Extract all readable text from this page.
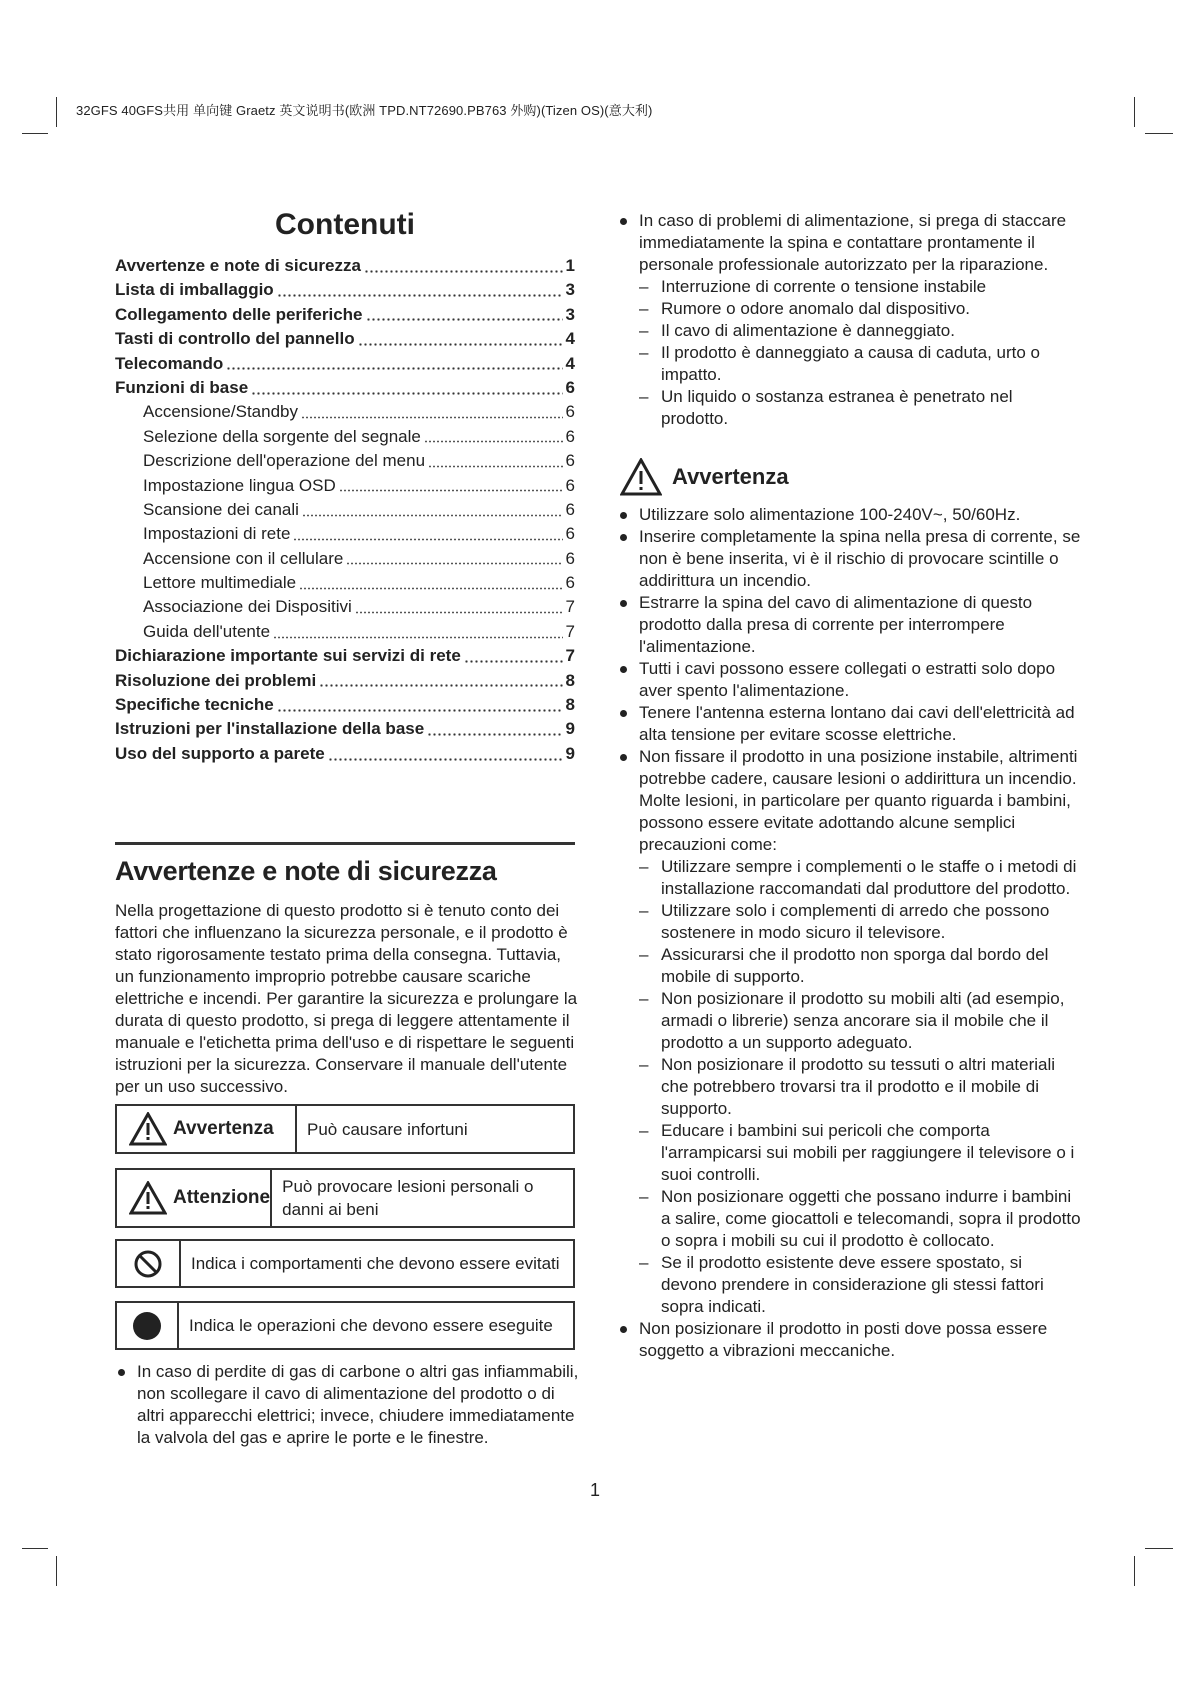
32GFS 40GFS共用 单向键 Graetz 英文说明书(欧洲 TPD.NT72690.PB763 外购)(Tizen OS)(意大利)
Contenuti
Avvertenze e note di sicurezza	1
Lista di imballaggio	3
Collegamento delle periferiche	3
Tasti di controllo del pannello	4
Telecomando	4
Funzioni di base	6
Accensione/Standby	6
Selezione della sorgente del segnale	6
Descrizione dell'operazione del menu	6
Impostazione lingua OSD	6
Scansione dei canali	6
Impostazioni di rete	6
Accensione con il cellulare	6
Lettore multimediale	6
Associazione dei Dispositivi	7
Guida dell'utente	7
Dichiarazione importante sui servizi di rete	7
Risoluzione dei problemi	8
Specifiche tecniche	8
Istruzioni per l'installazione della base	9
Uso del supporto a parete	9
Avvertenze e note di sicurezza
Nella progettazione di questo prodotto si è tenuto conto dei fattori che influenzano la sicurezza personale, e il prodotto è stato rigorosamente testato prima della consegna. Tuttavia, un funzionamento improprio potrebbe causare scariche elettriche e incendi. Per garantire la sicurezza e prolungare la durata di questo prodotto, si prega di leggere attentamente il manuale e l'etichetta prima dell'uso e di rispettare le seguenti istruzioni per la sicurezza. Conservare il manuale dell'utente per un uso successivo.
Avvertenza	Può causare infortuni
Attenzione
Può provocare lesioni personali o danni ai beni
Indica i comportamenti che devono essere evitati
Indica le operazioni che devono essere eseguite
In caso di perdite di gas di carbone o altri gas infiammabili, non scollegare il cavo di alimentazione del prodotto o di altri apparecchi elettrici; invece, chiudere immediatamente la valvola del gas e aprire le porte e le finestre.
In caso di problemi di alimentazione, si prega di staccare immediatamente la spina e contattare prontamente il personale professionale autorizzato per la riparazione.
– Interruzione di corrente o tensione instabile
– Rumore o odore anomalo dal dispositivo.
– Il cavo di alimentazione è danneggiato.
– Il prodotto è danneggiato a causa di caduta, urto o impatto.
– Un liquido o sostanza estranea è penetrato nel prodotto.
Avvertenza
Utilizzare solo alimentazione 100-240V~, 50/60Hz.
Inserire completamente la spina nella presa di corrente, se non è bene inserita, vi è il rischio di provocare scintille o addirittura un incendio.
Estrarre la spina del cavo di alimentazione di questo prodotto dalla presa di corrente per interrompere l'alimentazione.
Tutti i cavi possono essere collegati o estratti solo dopo aver spento l'alimentazione.
Tenere l'antenna esterna lontano dai cavi dell'elettricità ad alta tensione per evitare scosse elettriche.
Non fissare il prodotto in una posizione instabile, altrimenti potrebbe cadere, causare lesioni o addirittura un incendio. Molte lesioni, in particolare per quanto riguarda i bambini, possono essere evitate adottando alcune semplici precauzioni come:
– Utilizzare sempre i complementi o le staffe o i metodi di installazione raccomandati dal produttore del prodotto.
– Utilizzare solo i complementi di arredo che possono sostenere in modo sicuro il televisore.
– Assicurarsi che il prodotto non sporga dal bordo del mobile di supporto.
– Non posizionare il prodotto su mobili alti (ad esempio, armadi o librerie) senza ancorare sia il mobile che il prodotto a un supporto adeguato.
– Non posizionare il prodotto su tessuti o altri materiali che potrebbero trovarsi tra il prodotto e il mobile di supporto.
– Educare i bambini sui pericoli che comporta l'arrampicarsi sui mobili per raggiungere il televisore o i suoi controlli.
– Non posizionare oggetti che possano indurre i bambini a salire, come giocattoli e telecomandi, sopra il prodotto o sopra i mobili su cui il prodotto è collocato.
– Se il prodotto esistente deve essere spostato, si devono prendere in considerazione gli stessi fattori sopra indicati.
Non posizionare il prodotto in posti dove possa essere soggetto a vibrazioni meccaniche.
1
